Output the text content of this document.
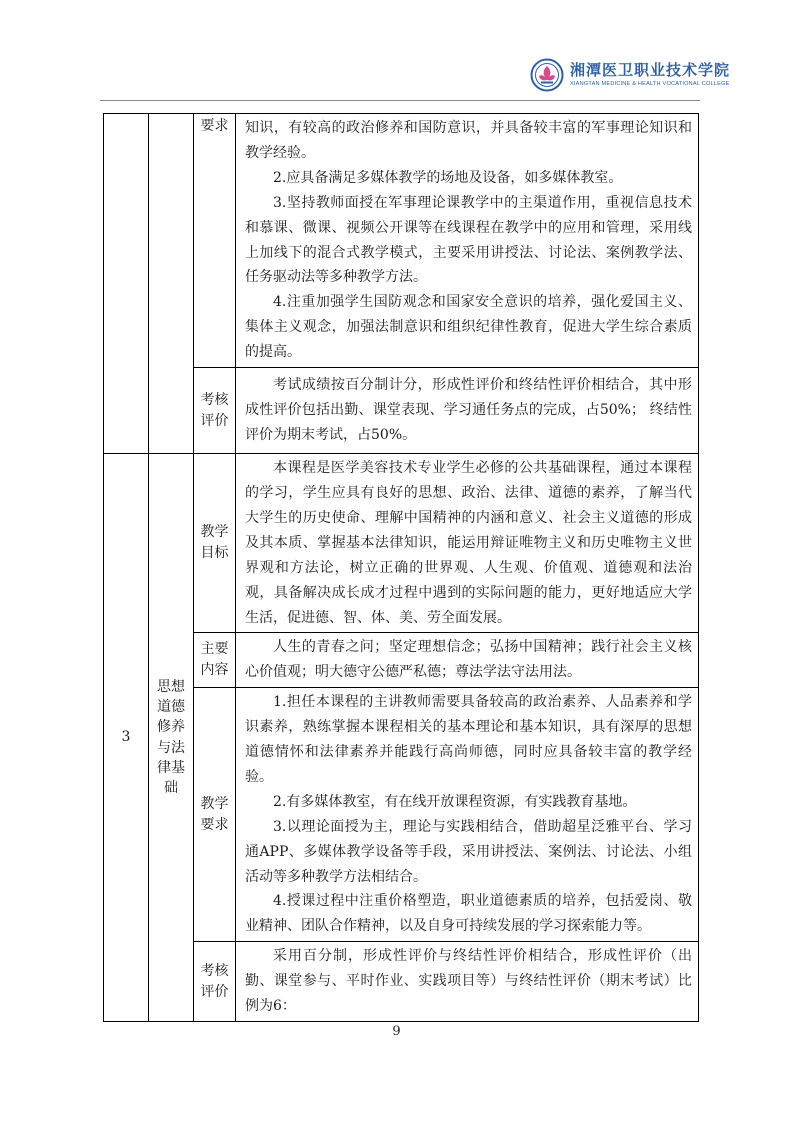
湘潭医卫职业技术学院
XIANGTAN MEDICINE & HEALTH VOCATIONAL COLLEGE
		要求	知识，有较高的政治修养和国防意识，并具备较丰富的军事理论知识和教学经验。

2.应具备满足多媒体教学的场地及设备，如多媒体教室。

3.坚持教师面授在军事理论课教学中的主渠道作用，重视信息技术和慕课、微课、视频公开课等在线课程在教学中的应用和管理，采用线上加线下的混合式教学模式，主要采用讲授法、讨论法、案例教学法、任务驱动法等多种教学方法。

4.注重加强学生国防观念和国家安全意识的培养，强化爱国主义、集体主义观念，加强法制意识和组织纪律性教育，促进大学生综合素质的提高。

		考核评价	考试成绩按百分制计分，形成性评价和终结性评价相结合，其中形成性评价包括出勤、课堂表现、学习通任务点的完成，占50%； 终结性评价为期末考试，占50%。

3	思想道德修养与法律基础	教学目标	本课程是医学美容技术专业学生必修的公共基础课程，通过本课程的学习，学生应具有良好的思想、政治、法律、道德的素养，了解当代大学生的历史使命、理解中国精神的内涵和意义、社会主义道德的形成及其本质、掌握基本法律知识，能运用辩证唯物主义和历史唯物主义世界观和方法论，树立正确的世界观、人生观、价值观、道德观和法治观，具备解决成长成才过程中遇到的实际问题的能力，更好地适应大学生活，促进德、智、体、美、劳全面发展。

		主要内容	人生的青春之问；坚定理想信念；弘扬中国精神；践行社会主义核心价值观；明大德守公德严私德；尊法学法守法用法。

		教学要求	1.担任本课程的主讲教师需要具备较高的政治素养、人品素养和学识素养，熟练掌握本课程相关的基本理论和基本知识，具有深厚的思想道德情怀和法律素养并能践行高尚师德，同时应具备较丰富的教学经验。

2.有多媒体教室，有在线开放课程资源，有实践教育基地。

3.以理论面授为主，理论与实践相结合，借助超星泛雅平台、学习通APP、多媒体教学设备等手段，采用讲授法、案例法、讨论法、小组活动等多种教学方法相结合。

4.授课过程中注重价格塑造，职业道德素质的培养，包括爱岗、敬业精神、团队合作精神，以及自身可持续发展的学习探索能力等。

		考核评价	采用百分制，形成性评价与终结性评价相结合，形成性评价（出勤、课堂参与、平时作业、实践项目等）与终结性评价（期末考试）比例为6：

9
